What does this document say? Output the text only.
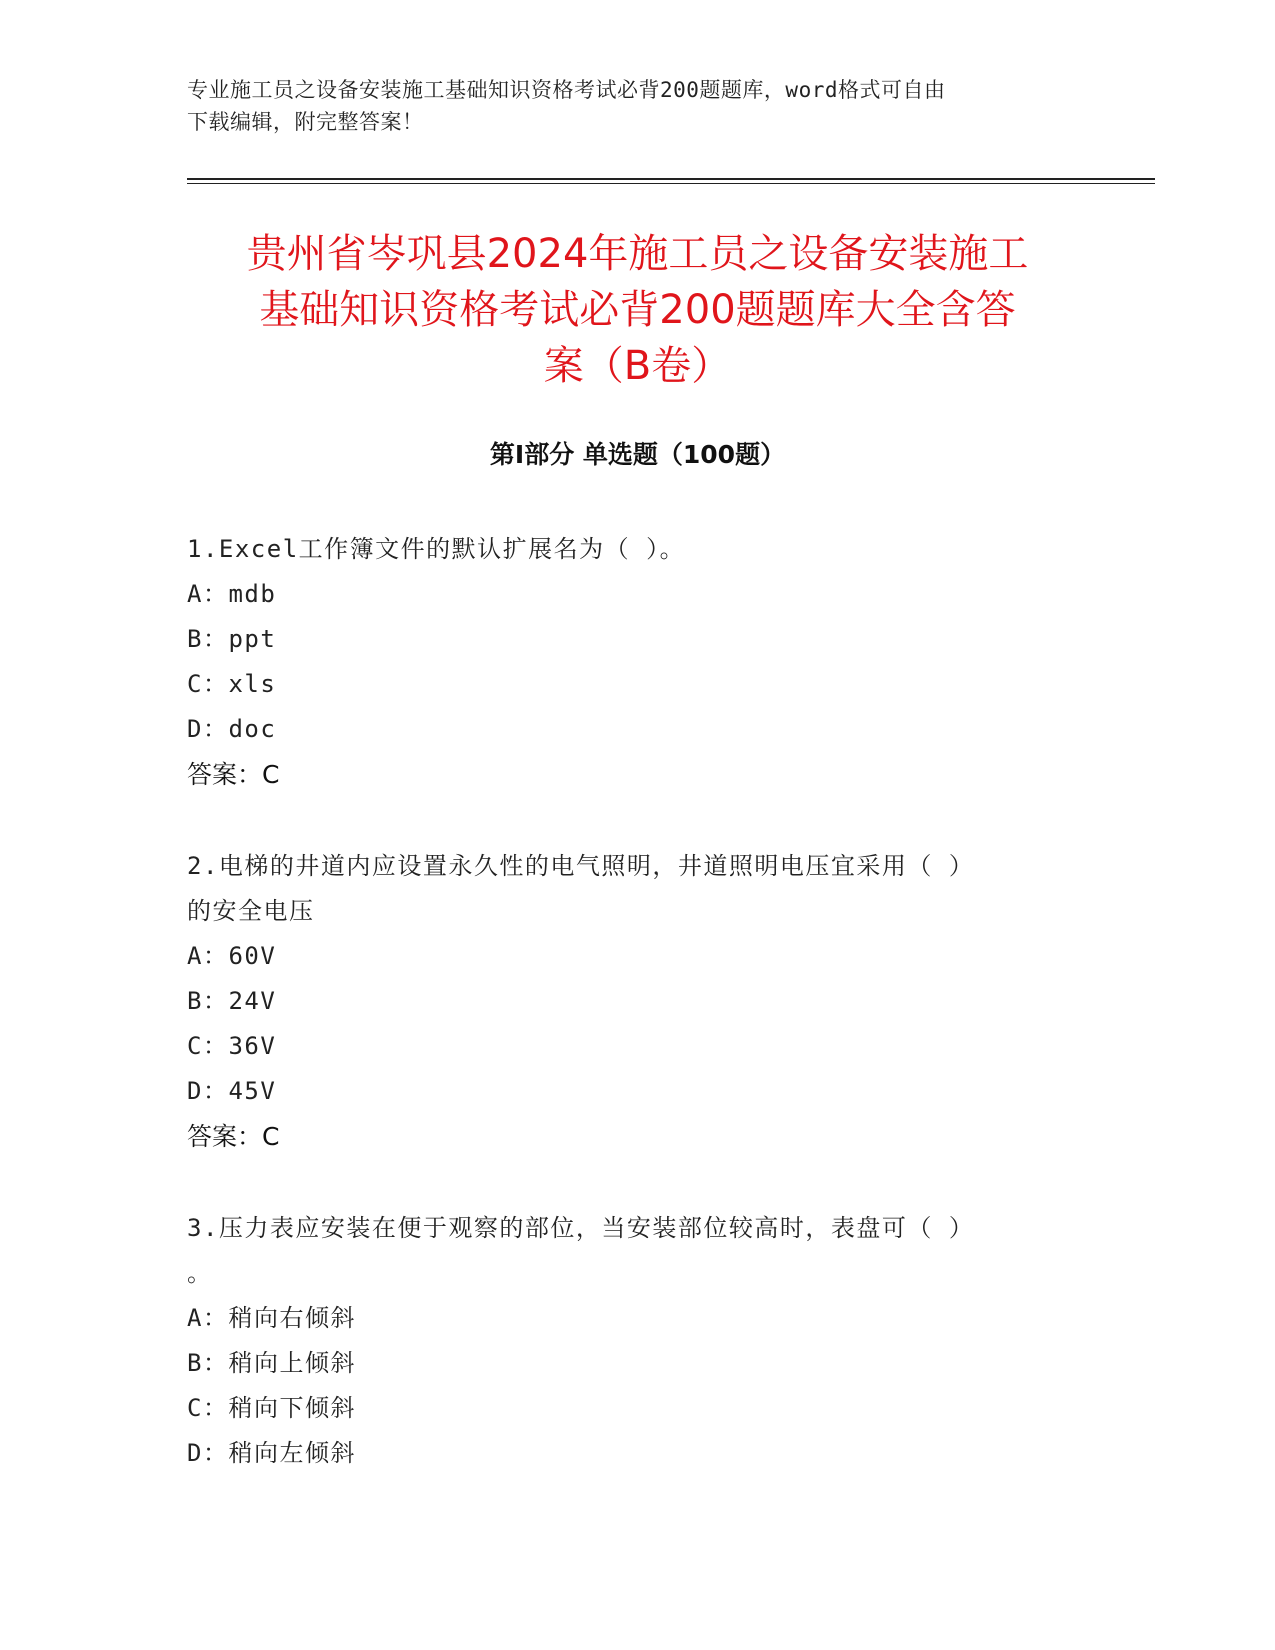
专业施工员之设备安装施工基础知识资格考试必背200题题库，word格式可自由
下载编辑，附完整答案！
贵州省岑巩县2024年施工员之设备安装施工
基础知识资格考试必背200题题库大全含答
案（B卷）
第Ⅰ部分 单选题（100题）

1.Excel工作簿文件的默认扩展名为（ ）。

A：mdb

B：ppt

C：xls

D：doc

答案：C

2.电梯的井道内应设置永久性的电气照明，井道照明电压宜采用（ ）

的安全电压

A：60V

B：24V

C：36V

D：45V

答案：C

3.压力表应安装在便于观察的部位，当安装部位较高时，表盘可（ ）

。

A：稍向右倾斜

B：稍向上倾斜

C：稍向下倾斜

D：稍向左倾斜
